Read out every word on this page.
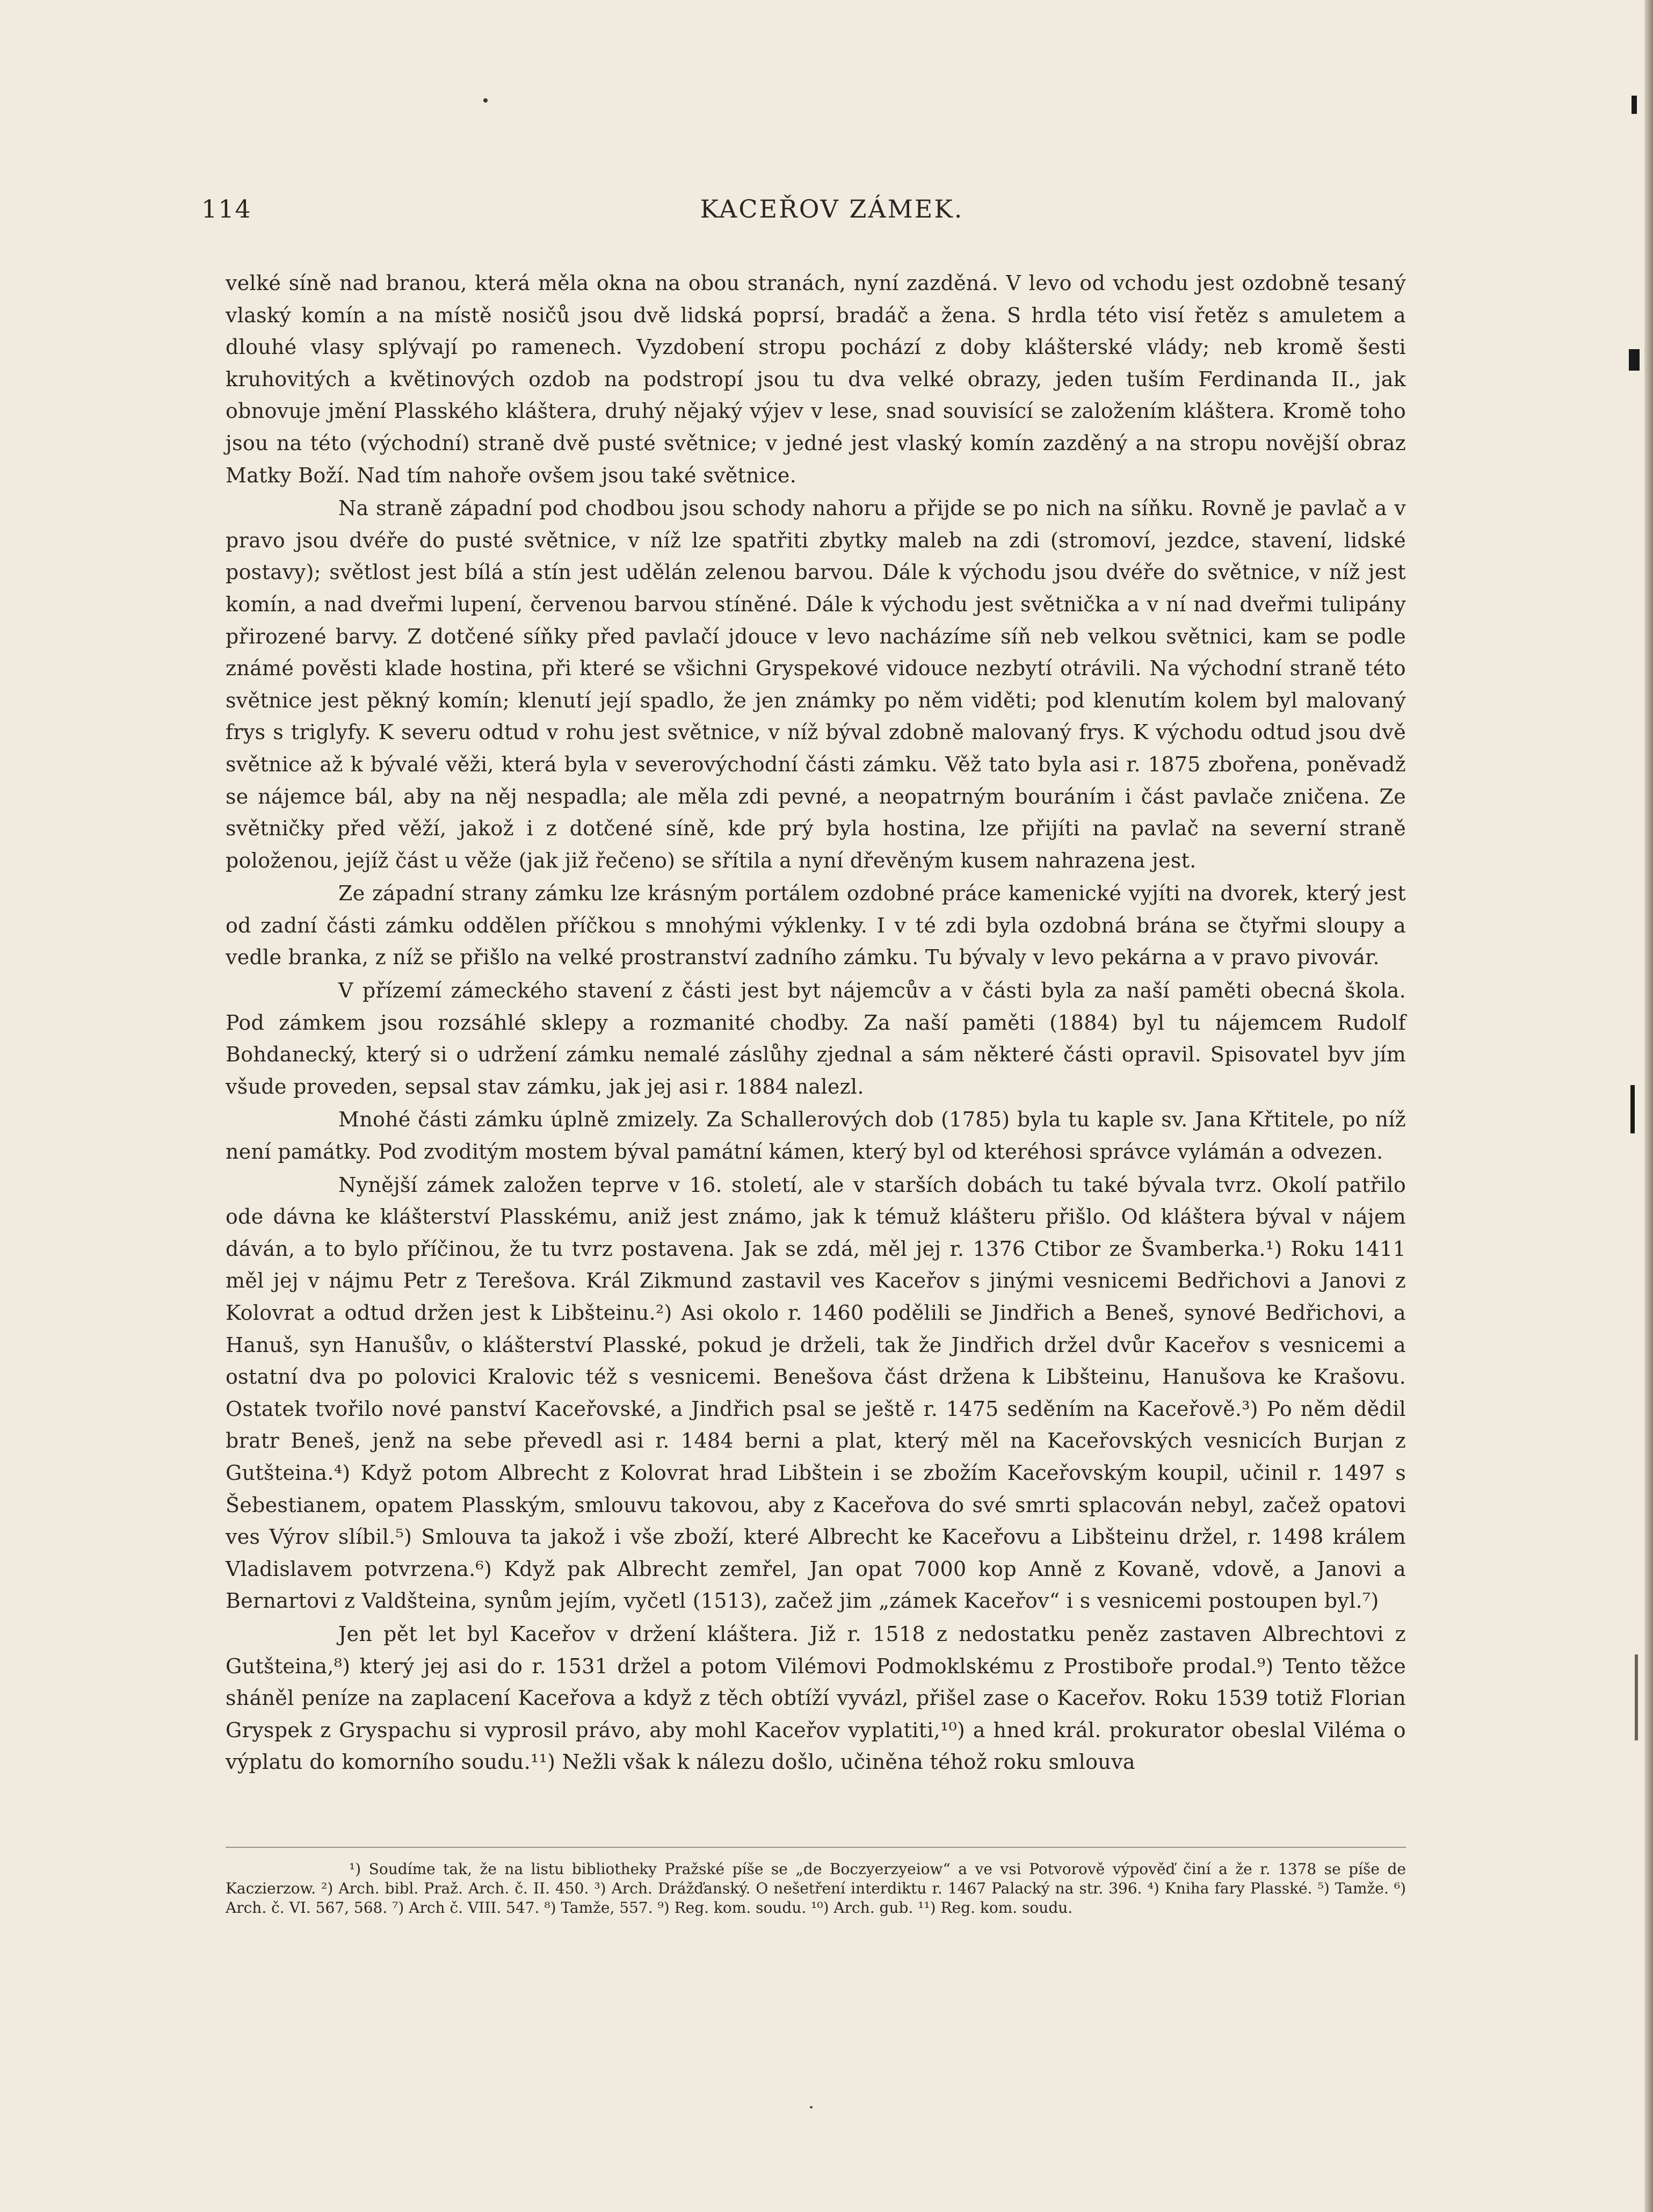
114	KACEŘOV ZÁMEK.

velké síně nad branou, která měla okna na obou stranách, nyní zazděná. V levo od vchodu jest ozdobně tesaný vlaský komín a na místě nosičů jsou dvě lidská poprsí, bradáč a žena. S hrdla této visí řetěz s amuletem a dlouhé vlasy splývají po ramenech. Vyzdobení stropu pochází z doby klášterské vlády; neb kromě šesti kruhovitých a květinových ozdob na podstropí jsou tu dva velké obrazy, jeden tuším Ferdinanda II., jak obnovuje jmění Plasského kláštera, druhý nějaký výjev v lese, snad souvisící se založením kláštera. Kromě toho jsou na této (východní) straně dvě pusté světnice; v jedné jest vlaský komín zazděný a na stropu novější obraz Matky Boží. Nad tím nahoře ovšem jsou také světnice.

Na straně západní pod chodbou jsou schody nahoru a přijde se po nich na síňku. Rovně je pavlač a v pravo jsou dvéře do pusté světnice, v níž lze spatřiti zbytky maleb na zdi (stromoví, jezdce, stavení, lidské postavy); světlost jest bílá a stín jest udělán zelenou barvou. Dále k východu jsou dvéře do světnice, v níž jest komín, a nad dveřmi lupení, červenou barvou stíněné. Dále k východu jest světnička a v ní nad dveřmi tulipány přirozené barvy. Z dotčené síňky před pavlačí jdouce v levo nacházíme síň neb velkou světnici, kam se podle známé pověsti klade hostina, při které se všichni Gryspekové vidouce nezbytí otrávili. Na východní straně této světnice jest pěkný komín; klenutí její spadlo, že jen známky po něm viděti; pod klenutím kolem byl malovaný frys s triglyfy. K severu odtud v rohu jest světnice, v níž býval zdobně malovaný frys. K východu odtud jsou dvě světnice až k bývalé věži, která byla v severovýchodní části zámku. Věž tato byla asi r. 1875 zbořena, poněvadž se nájemce bál, aby na něj nespadla; ale měla zdi pevné, a neopatrným bouráním i část pavlače zničena. Ze světničky před věží, jakož i z dotčené síně, kde prý byla hostina, lze přijíti na pavlač na severní straně položenou, jejíž část u věže (jak již řečeno) se sřítila a nyní dřevěným kusem nahrazena jest.

Ze západní strany zámku lze krásným portálem ozdobné práce kamenické vyjíti na dvorek, který jest od zadní části zámku oddělen příčkou s mnohými výklenky. I v té zdi byla ozdobná brána se čtyřmi sloupy a vedle branka, z níž se přišlo na velké prostranství zadního zámku. Tu bývaly v levo pekárna a v pravo pivovár.

V přízemí zámeckého stavení z části jest byt nájemcův a v části byla za naší paměti obecná škola. Pod zámkem jsou rozsáhlé sklepy a rozmanité chodby. Za naší paměti (1884) byl tu nájemcem Rudolf Bohdanecký, který si o udržení zámku nemalé záslůhy zjednal a sám některé části opravil. Spisovatel byv jím všude proveden, sepsal stav zámku, jak jej asi r. 1884 nalezl.

Mnohé části zámku úplně zmizely. Za Schallerových dob (1785) byla tu kaple sv. Jana Křtitele, po níž není památky. Pod zvoditým mostem býval památní kámen, který byl od kteréhosi správce vylámán a odvezen.

Nynější zámek založen teprve v 16. století, ale v starších dobách tu také bývala tvrz. Okolí patřilo ode dávna ke klášterství Plasskému, aniž jest známo, jak k témuž klášteru přišlo. Od kláštera býval v nájem dáván, a to bylo příčinou, že tu tvrz postavena. Jak se zdá, měl jej r. 1376 Ctibor ze Švamberka.¹) Roku 1411 měl jej v nájmu Petr z Terešova. Král Zikmund zastavil ves Kaceřov s jinými vesnicemi Bedřichovi a Janovi z Kolovrat a odtud držen jest k Libšteinu.²) Asi okolo r. 1460 podělili se Jindřich a Beneš, synové Bedřichovi, a Hanuš, syn Hanušův, o klášterství Plasské, pokud je drželi, tak že Jindřich držel dvůr Kaceřov s vesnicemi a ostatní dva po polovici Kralovic též s vesnicemi. Benešova část držena k Libšteinu, Hanušova ke Krašovu. Ostatek tvořilo nové panství Kaceřovské, a Jindřich psal se ještě r. 1475 seděním na Kaceřově.³) Po něm dědil bratr Beneš, jenž na sebe převedl asi r. 1484 berni a plat, který měl na Kaceřovských vesnicích Burjan z Gutšteina.⁴) Když potom Albrecht z Kolovrat hrad Libštein i se zbožím Kaceřovským koupil, učinil r. 1497 s Šebestianem, opatem Plasským, smlouvu takovou, aby z Kaceřova do své smrti splacován nebyl, začež opatovi ves Výrov slíbil.⁵) Smlouva ta jakož i vše zboží, které Albrecht ke Kaceřovu a Libšteinu držel, r. 1498 králem Vladislavem potvrzena.⁶) Když pak Albrecht zemřel, Jan opat 7000 kop Anně z Kovaně, vdově, a Janovi a Bernartovi z Valdšteina, synům jejím, vyčetl (1513), začež jim „zámek Kaceřov“ i s vesnicemi postoupen byl.⁷)

Jen pět let byl Kaceřov v držení kláštera. Již r. 1518 z nedostatku peněz zastaven Albrechtovi z Gutšteina,⁸) který jej asi do r. 1531 držel a potom Vilémovi Podmoklskému z Prostiboře prodal.⁹) Tento těžce sháněl peníze na zaplacení Kaceřova a když z těch obtíží vyvázl, přišel zase o Kaceřov. Roku 1539 totiž Florian Gryspek z Gryspachu si vyprosil právo, aby mohl Kaceřov vyplatiti,¹⁰) a hned král. prokurator obeslal Viléma o výplatu do komorního soudu.¹¹) Nežli však k nálezu došlo, učiněna téhož roku smlouva

¹) Soudíme tak, že na listu bibliotheky Pražské píše se „de Boczyerzyeiow“ a ve vsi Potvorově výpověď činí a že r. 1378 se píše de Kaczierzow. ²) Arch. bibl. Praž. Arch. č. II. 450. ³) Arch. Drážďanský. O nešetření interdiktu r. 1467 Palacký na str. 396. ⁴) Kniha fary Plasské. ⁵) Tamže. ⁶) Arch. č. VI. 567, 568. ⁷) Arch č. VIII. 547. ⁸) Tamže, 557. ⁹) Reg. kom. soudu. ¹⁰) Arch. gub. ¹¹) Reg. kom. soudu.
